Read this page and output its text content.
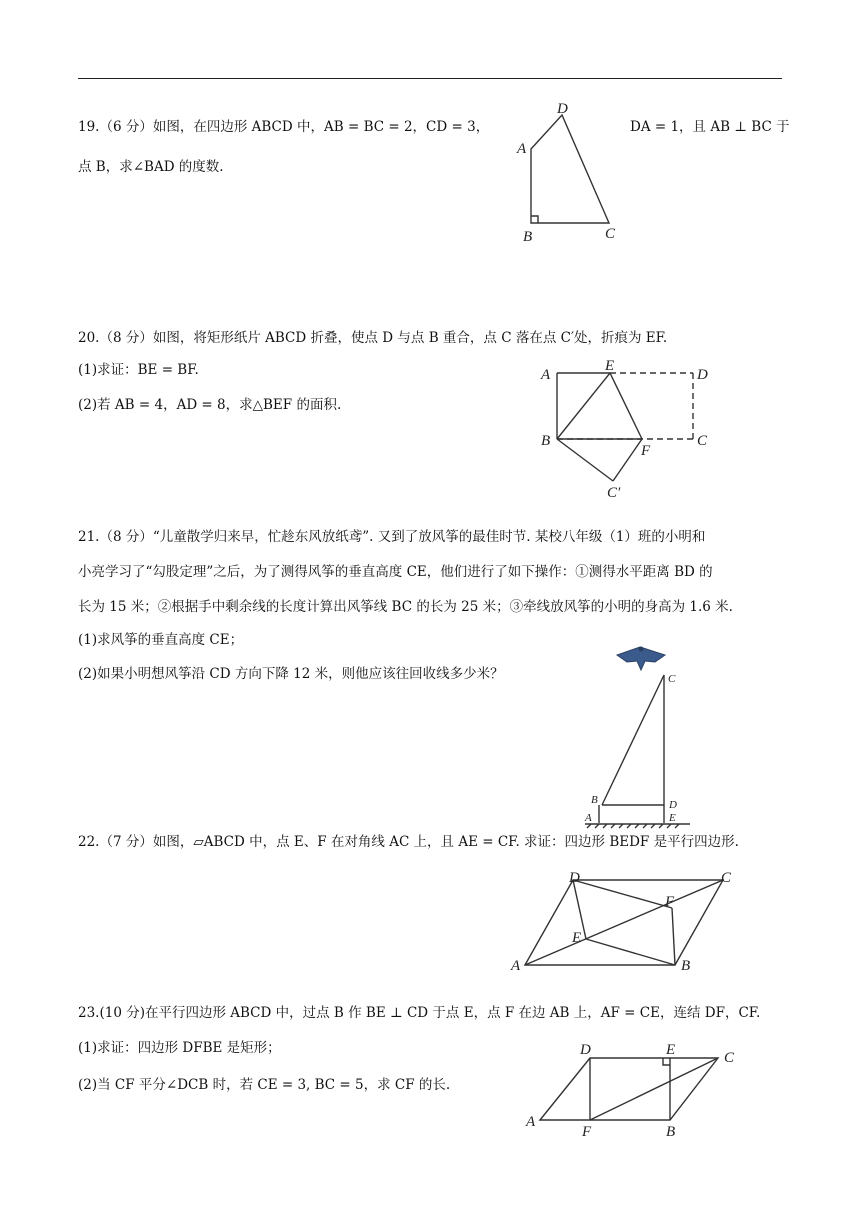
19.（6 分）如图，在四边形 ABCD 中，AB = BC = 2，CD = 3，	DA = 1，且 AB ⊥ BC 于
点 B，求∠BAD 的度数.
D
A
B	C
20.（8 分）如图，将矩形纸片 ABCD 折叠，使点 D 与点 B 重合，点 C 落在点 C′处，折痕为 EF.
(1)求证：BE = BF.
(2)若 AB = 4，AD = 8，求△BEF 的面积.
A
E
D
B	C
F
C′
21.（8 分）“儿童散学归来早，忙趁东风放纸鸢”. 又到了放风筝的最佳时节. 某校八年级（1）班的小明和
小亮学习了“勾股定理”之后，为了测得风筝的垂直高度 CE，他们进行了如下操作：①测得水平距离 BD 的
长为 15 米；②根据手中剩余线的长度计算出风筝线 BC 的长为 25 米；③牵线放风筝的小明的身高为 1.6 米.
(1)求风筝的垂直高度 CE；
(2)如果小明想风筝沿 CD 方向下降 12 米，则他应该往回收线多少米？	C
B	D
A	E
22.（7 分）如图，▱ABCD 中，点 E、F 在对角线 AC 上，且 AE = CF. 求证：四边形 BEDF 是平行四边形.
D	C
F
E
A	B
23.(10 分)在平行四边形 ABCD 中，过点 B 作 BE ⊥ CD 于点 E，点 F 在边 AB 上，AF = CE，连结 DF，CF.
(1)求证：四边形 DFBE 是矩形；
(2)当 CF 平分∠DCB 时，若 CE = 3, BC = 5，求 CF 的长.
D	E	C
A
F	B
